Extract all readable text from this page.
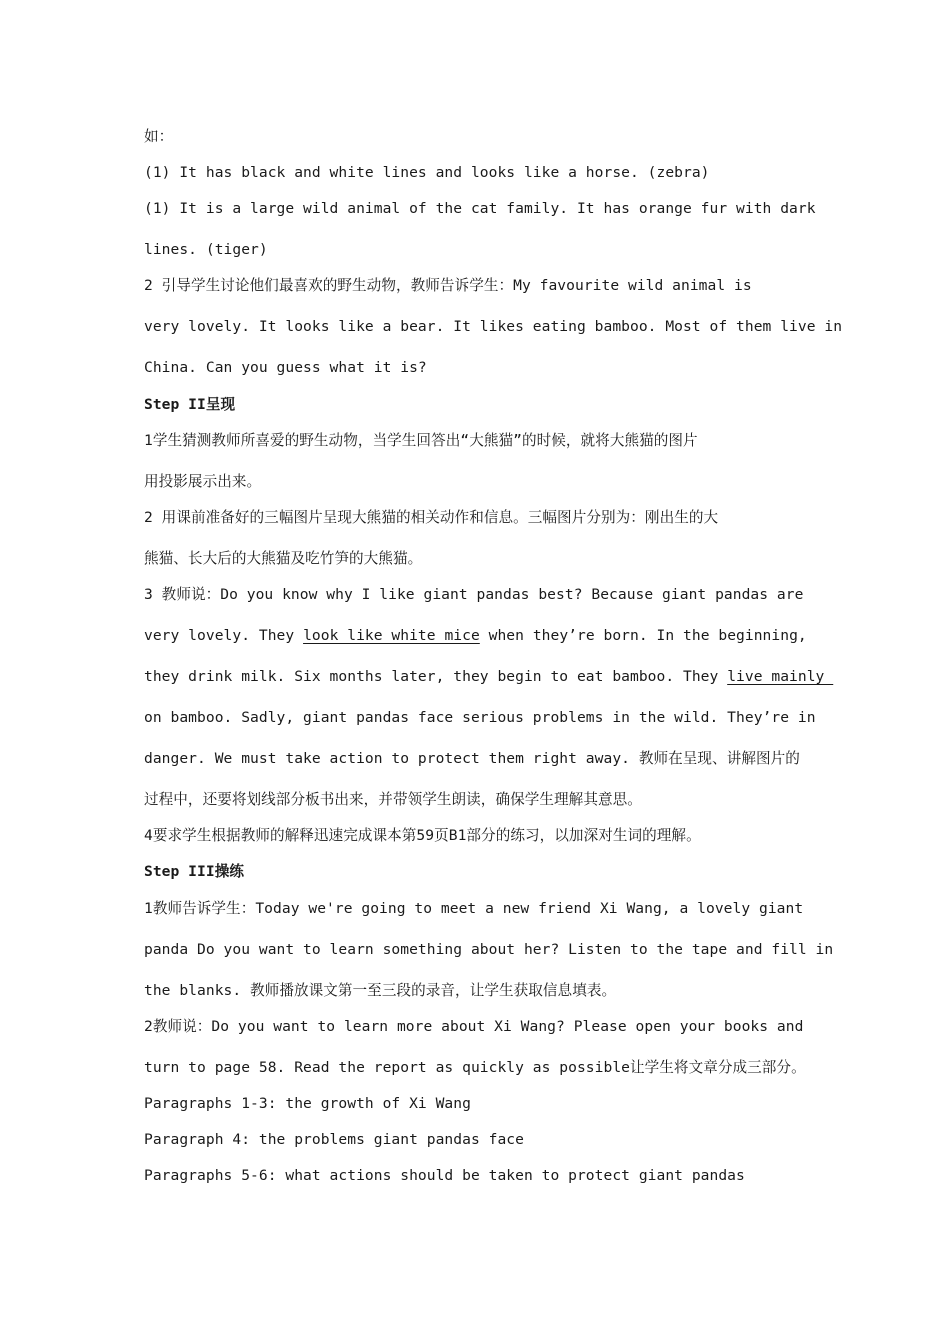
如：
(1) It has black and white lines and looks like a horse. (zebra)
(1) It is a large wild animal of the cat family. It has orange fur with dark
lines. (tiger)
2 引导学生讨论他们最喜欢的野生动物，教师告诉学生：My favourite wild animal is
very lovely. It looks like a bear. It likes eating bamboo. Most of them live in
China. Can you guess what it is?
Step II呈现
1学生猜测教师所喜爱的野生动物，当学生回答出“大熊猫”的时候，就将大熊猫的图片
用投影展示出来。
2 用课前准备好的三幅图片呈现大熊猫的相关动作和信息。三幅图片分别为：刚出生的大
熊猫、长大后的大熊猫及吃竹笋的大熊猫。
3 教师说：Do you know why I like giant pandas best? Because giant pandas are
very lovely. They look like white mice when they’re born. In the beginning,
they drink milk. Six months later, they begin to eat bamboo. They live mainly
on bamboo. Sadly, giant pandas face serious problems in the wild. They’re in
danger. We must take action to protect them right away. 教师在呈现、讲解图片的
过程中，还要将划线部分板书出来，并带领学生朗读，确保学生理解其意思。
4要求学生根据教师的解释迅速完成课本第59页B1部分的练习，以加深对生词的理解。
Step III操练
1教师告诉学生：Today we're going to meet a new friend Xi Wang, a lovely giant
panda Do you want to learn something about her? Listen to the tape and fill in
the blanks. 教师播放课文第一至三段的录音，让学生获取信息填表。
2教师说：Do you want to learn more about Xi Wang? Please open your books and
turn to page 58. Read the report as quickly as possible让学生将文章分成三部分。
Paragraphs 1-3: the growth of Xi Wang
Paragraph 4: the problems giant pandas face
Paragraphs 5-6: what actions should be taken to protect giant pandas
